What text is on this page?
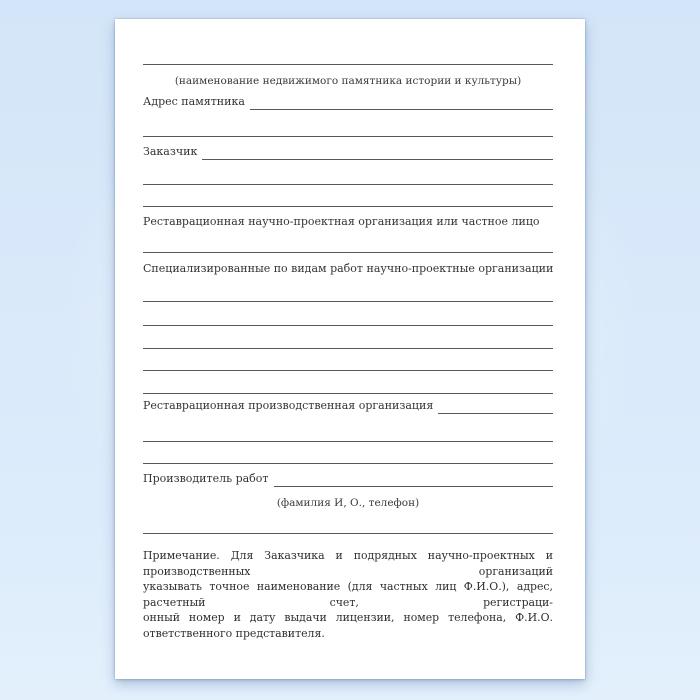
(наименование недвижимого памятника истории и культуры)
Адрес памятника
Заказчик
Реставрационная научно-проектная организация или частное лицо
Специализированные по видам работ научно-проектные организации
Реставрационная производственная организация
Производитель работ
(фамилия И, О., телефон)
Примечание. Для Заказчика и подрядных научно-проектных и производственных организаций
указывать точное наименование (для частных лиц Ф.И.О.), адрес, расчетный счет, регистраци-
онный номер и дату выдачи лицензии, номер телефона, Ф.И.О. ответственного представителя.
